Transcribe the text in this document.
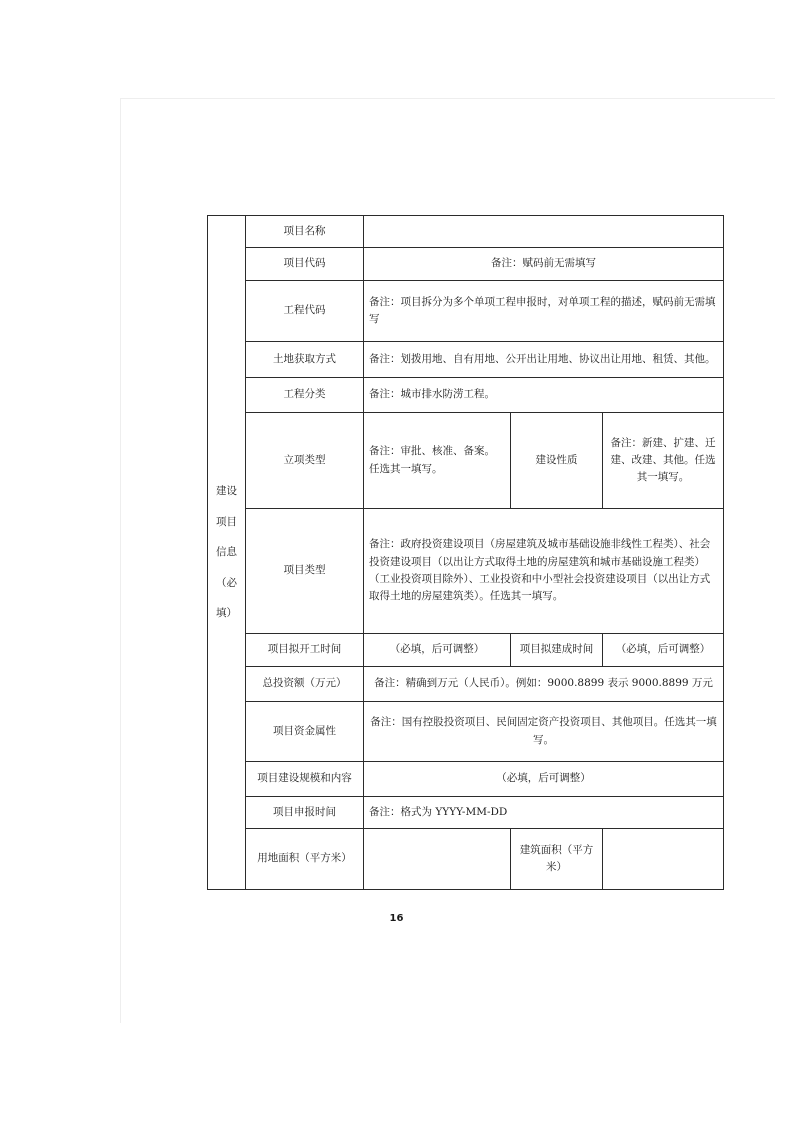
建设
项目
信息
（必
填）	项目名称			
	项目代码	备注：赋码前无需填写		
	工程代码	备注：项目拆分为多个单项工程申报时，对单项工程的描述，赋码前无需填写		
	土地获取方式	备注：划拨用地、自有用地、公开出让用地、协议出让用地、租赁、其他。		
	工程分类	备注：城市排水防涝工程。		
	立项类型	备注：审批、核准、备案。任选其一填写。	建设性质	备注：新建、扩建、迁建、改建、其他。任选其一填写。
	项目类型	备注：政府投资建设项目（房屋建筑及城市基础设施非线性工程类）、社会投资建设项目（以出让方式取得土地的房屋建筑和城市基础设施工程类）（工业投资项目除外）、工业投资和中小型社会投资建设项目（以出让方式取得土地的房屋建筑类）。任选其一填写。		
	项目拟开工时间	（必填，后可调整）	项目拟建成时间	（必填，后可调整）
	总投资额（万元）	备注：精确到万元（人民币）。例如：9000.8899 表示 9000.8899 万元		
	项目资金属性	备注：国有控股投资项目、民间固定资产投资项目、其他项目。任选其一填写。		
	项目建设规模和内容	（必填，后可调整）		
	项目申报时间	备注：格式为 YYYY-MM-DD		
	用地面积（平方米）		建筑面积（平方米）	
16
